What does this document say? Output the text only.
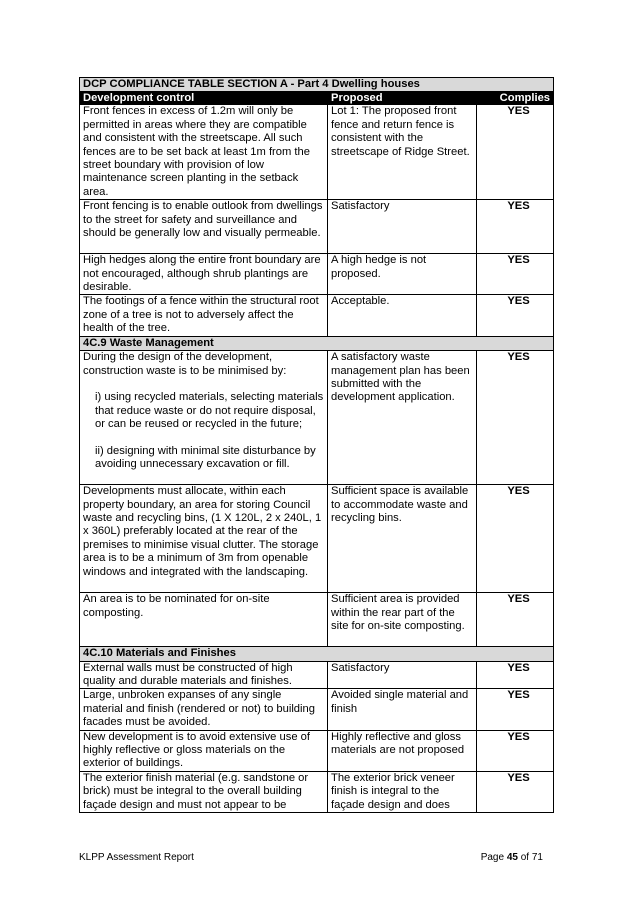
DCP COMPLIANCE TABLE SECTION A - Part 4 Dwelling houses		
Development control	Proposed	Complies
Front fences in excess of 1.2m will only be permitted in areas where they are compatible and consistent with the streetscape. All such fences are to be set back at least 1m from the street boundary with provision of low maintenance screen planting in the setback area.	Lot 1: The proposed front fence and return fence is consistent with the streetscape of Ridge Street.	YES
Front fencing is to enable outlook from dwellings to the street for safety and surveillance and should be generally low and visually permeable.	Satisfactory	YES
High hedges along the entire front boundary are not encouraged, although shrub plantings are desirable.	A high hedge is not proposed.	YES
The footings of a fence within the structural root zone of a tree is not to adversely affect the health of the tree.	Acceptable.	YES
4C.9 Waste Management		

During the design of the development, construction waste is to be minimised by:

i) using recycled materials, selecting materials that reduce waste or do not require disposal, or can be reused or recycled in the future;

ii) designing with minimal site disturbance by avoiding unnecessary excavation or fill.	A satisfactory waste management plan has been submitted with the development application.	YES
Developments must allocate, within each property boundary, an area for storing Council waste and recycling bins, (1 X 120L, 2 x 240L, 1 x 360L) preferably located at the rear of the premises to minimise visual clutter. The storage area is to be a minimum of 3m from openable windows and integrated with the landscaping.	Sufficient space is available to accommodate waste and recycling bins.	YES
An area is to be nominated for on-site composting.	Sufficient area is provided within the rear part of the site for on-site composting.	YES
4C.10 Materials and Finishes		
External walls must be constructed of high quality and durable materials and finishes.	Satisfactory	YES
Large, unbroken expanses of any single material and finish (rendered or not) to building facades must be avoided.	Avoided single material and finish	YES
New development is to avoid extensive use of highly reflective or gloss materials on the exterior of buildings.	Highly reflective and gloss materials are not proposed	YES
The exterior finish material (e.g. sandstone or brick) must be integral to the overall building façade design and must not appear to be	The exterior brick veneer finish is integral to the façade design and does	YES
KLPP Assessment Report	Page 45 of 71
